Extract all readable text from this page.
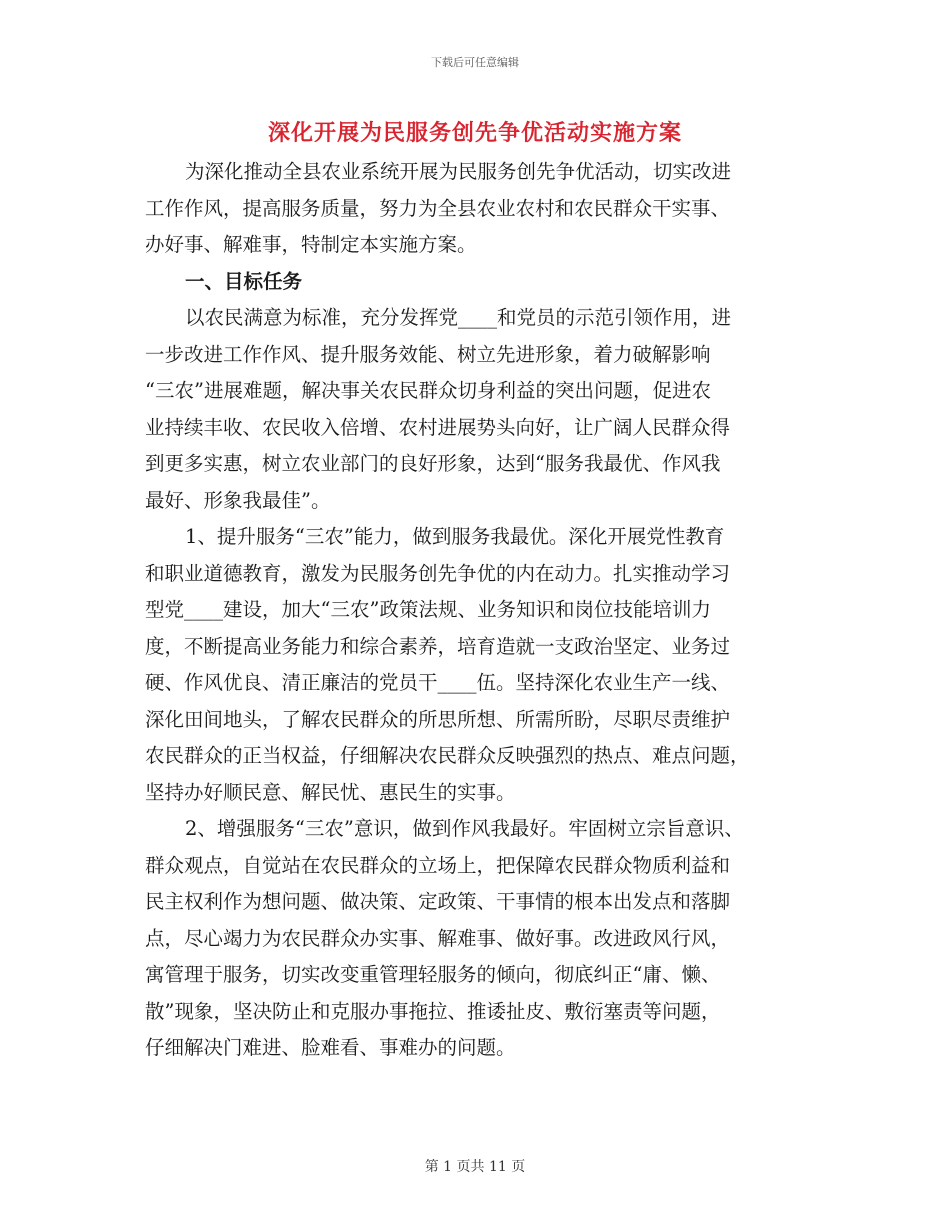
下载后可任意编辑
深化开展为民服务创先争优活动实施方案

为深化推动全县农业系统开展为民服务创先争优活动，切实改进
工作作风，提高服务质量，努力为全县农业农村和农民群众干实事、
办好事、解难事，特制定本实施方案。

一、目标任务

以农民满意为标准，充分发挥党____和党员的示范引领作用，进
一步改进工作作风、提升服务效能、树立先进形象，着力破解影响
“三农”进展难题，解决事关农民群众切身利益的突出问题，促进农
业持续丰收、农民收入倍增、农村进展势头向好，让广阔人民群众得
到更多实惠，树立农业部门的良好形象，达到“服务我最优、作风我
最好、形象我最佳”。

1、提升服务“三农”能力，做到服务我最优。深化开展党性教育
和职业道德教育，激发为民服务创先争优的内在动力。扎实推动学习
型党____建设，加大“三农”政策法规、业务知识和岗位技能培训力
度，不断提高业务能力和综合素养，培育造就一支政治坚定、业务过
硬、作风优良、清正廉洁的党员干____伍。坚持深化农业生产一线、
深化田间地头，了解农民群众的所思所想、所需所盼，尽职尽责维护
农民群众的正当权益，仔细解决农民群众反映强烈的热点、难点问题，
坚持办好顺民意、解民忧、惠民生的实事。

2、增强服务“三农”意识，做到作风我最好。牢固树立宗旨意识、
群众观点，自觉站在农民群众的立场上，把保障农民群众物质利益和
民主权利作为想问题、做决策、定政策、干事情的根本出发点和落脚
点，尽心竭力为农民群众办实事、解难事、做好事。改进政风行风，
寓管理于服务，切实改变重管理轻服务的倾向，彻底纠正“庸、懒、
散”现象，坚决防止和克服办事拖拉、推诿扯皮、敷衍塞责等问题，
仔细解决门难进、脸难看、事难办的问题。

第 1 页共 11 页
